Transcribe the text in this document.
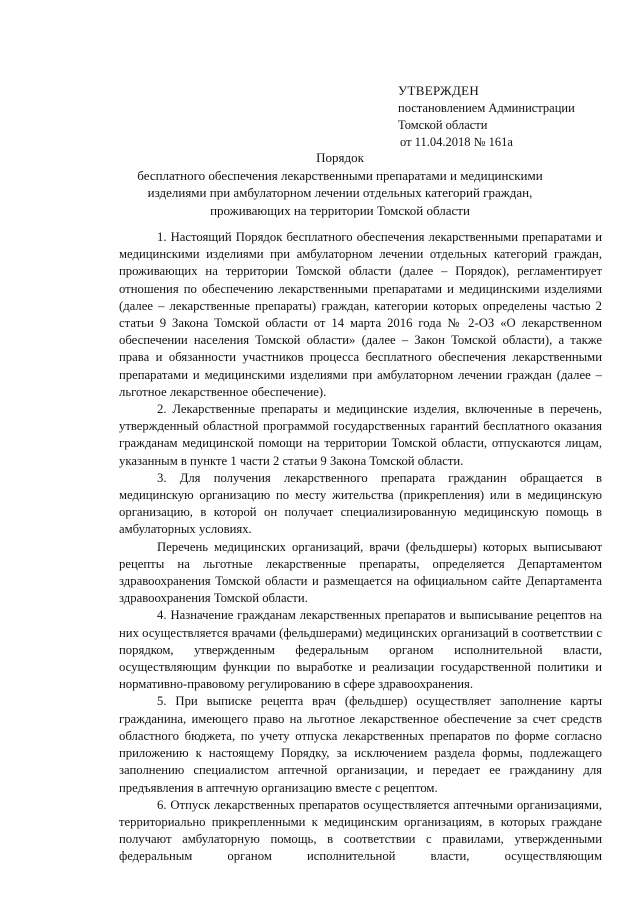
УТВЕРЖДЕН
постановлением Администрации
Томской области
от 11.04.2018 № 161а
Порядок
бесплатного обеспечения лекарственными препаратами и медицинскими
изделиями при амбулаторном лечении отдельных категорий граждан,
проживающих на территории Томской области

1. Настоящий Порядок бесплатного обеспечения лекарственными препаратами и медицинскими изделиями при амбулаторном лечении отдельных категорий граждан, проживающих на территории Томской области (далее – Порядок), регламентирует отношения по обеспечению лекарственными препаратами и медицинскими изделиями (далее – лекарственные препараты) граждан, категории которых определены частью 2 статьи 9 Закона Томской области от 14 марта 2016 года № 2-ОЗ «О лекарственном обеспечении населения Томской области» (далее – Закон Томской области), а также права и обязанности участников процесса бесплатного обеспечения лекарственными препаратами и медицинскими изделиями при амбулаторном лечении граждан (далее – льготное лекарственное обеспечение).

2. Лекарственные препараты и медицинские изделия, включенные в перечень, утвержденный областной программой государственных гарантий бесплатного оказания гражданам медицинской помощи на территории Томской области, отпускаются лицам, указанным в пункте 1 части 2 статьи 9 Закона Томской области.

3. Для получения лекарственного препарата гражданин обращается в медицинскую организацию по месту жительства (прикрепления) или в медицинскую организацию, в которой он получает специализированную медицинскую помощь в амбулаторных условиях.

Перечень медицинских организаций, врачи (фельдшеры) которых выписывают рецепты на льготные лекарственные препараты, определяется Департаментом здравоохранения Томской области и размещается на официальном сайте Департамента здравоохранения Томской области.

4. Назначение гражданам лекарственных препаратов и выписывание рецептов на них осуществляется врачами (фельдшерами) медицинских организаций в соответствии с порядком, утвержденным федеральным органом исполнительной власти, осуществляющим функции по выработке и реализации государственной политики и нормативно-правовому регулированию в сфере здравоохранения.

5. При выписке рецепта врач (фельдшер) осуществляет заполнение карты гражданина, имеющего право на льготное лекарственное обеспечение за счет средств областного бюджета, по учету отпуска лекарственных препаратов по форме согласно приложению к настоящему Порядку, за исключением раздела формы, подлежащего заполнению специалистом аптечной организации, и передает ее гражданину для предъявления в аптечную организацию вместе с рецептом.

6. Отпуск лекарственных препаратов осуществляется аптечными организациями, территориально прикрепленными к медицинским организациям, в которых граждане получают амбулаторную помощь, в соответствии с правилами, утвержденными федеральным органом исполнительной власти, осуществляющим
